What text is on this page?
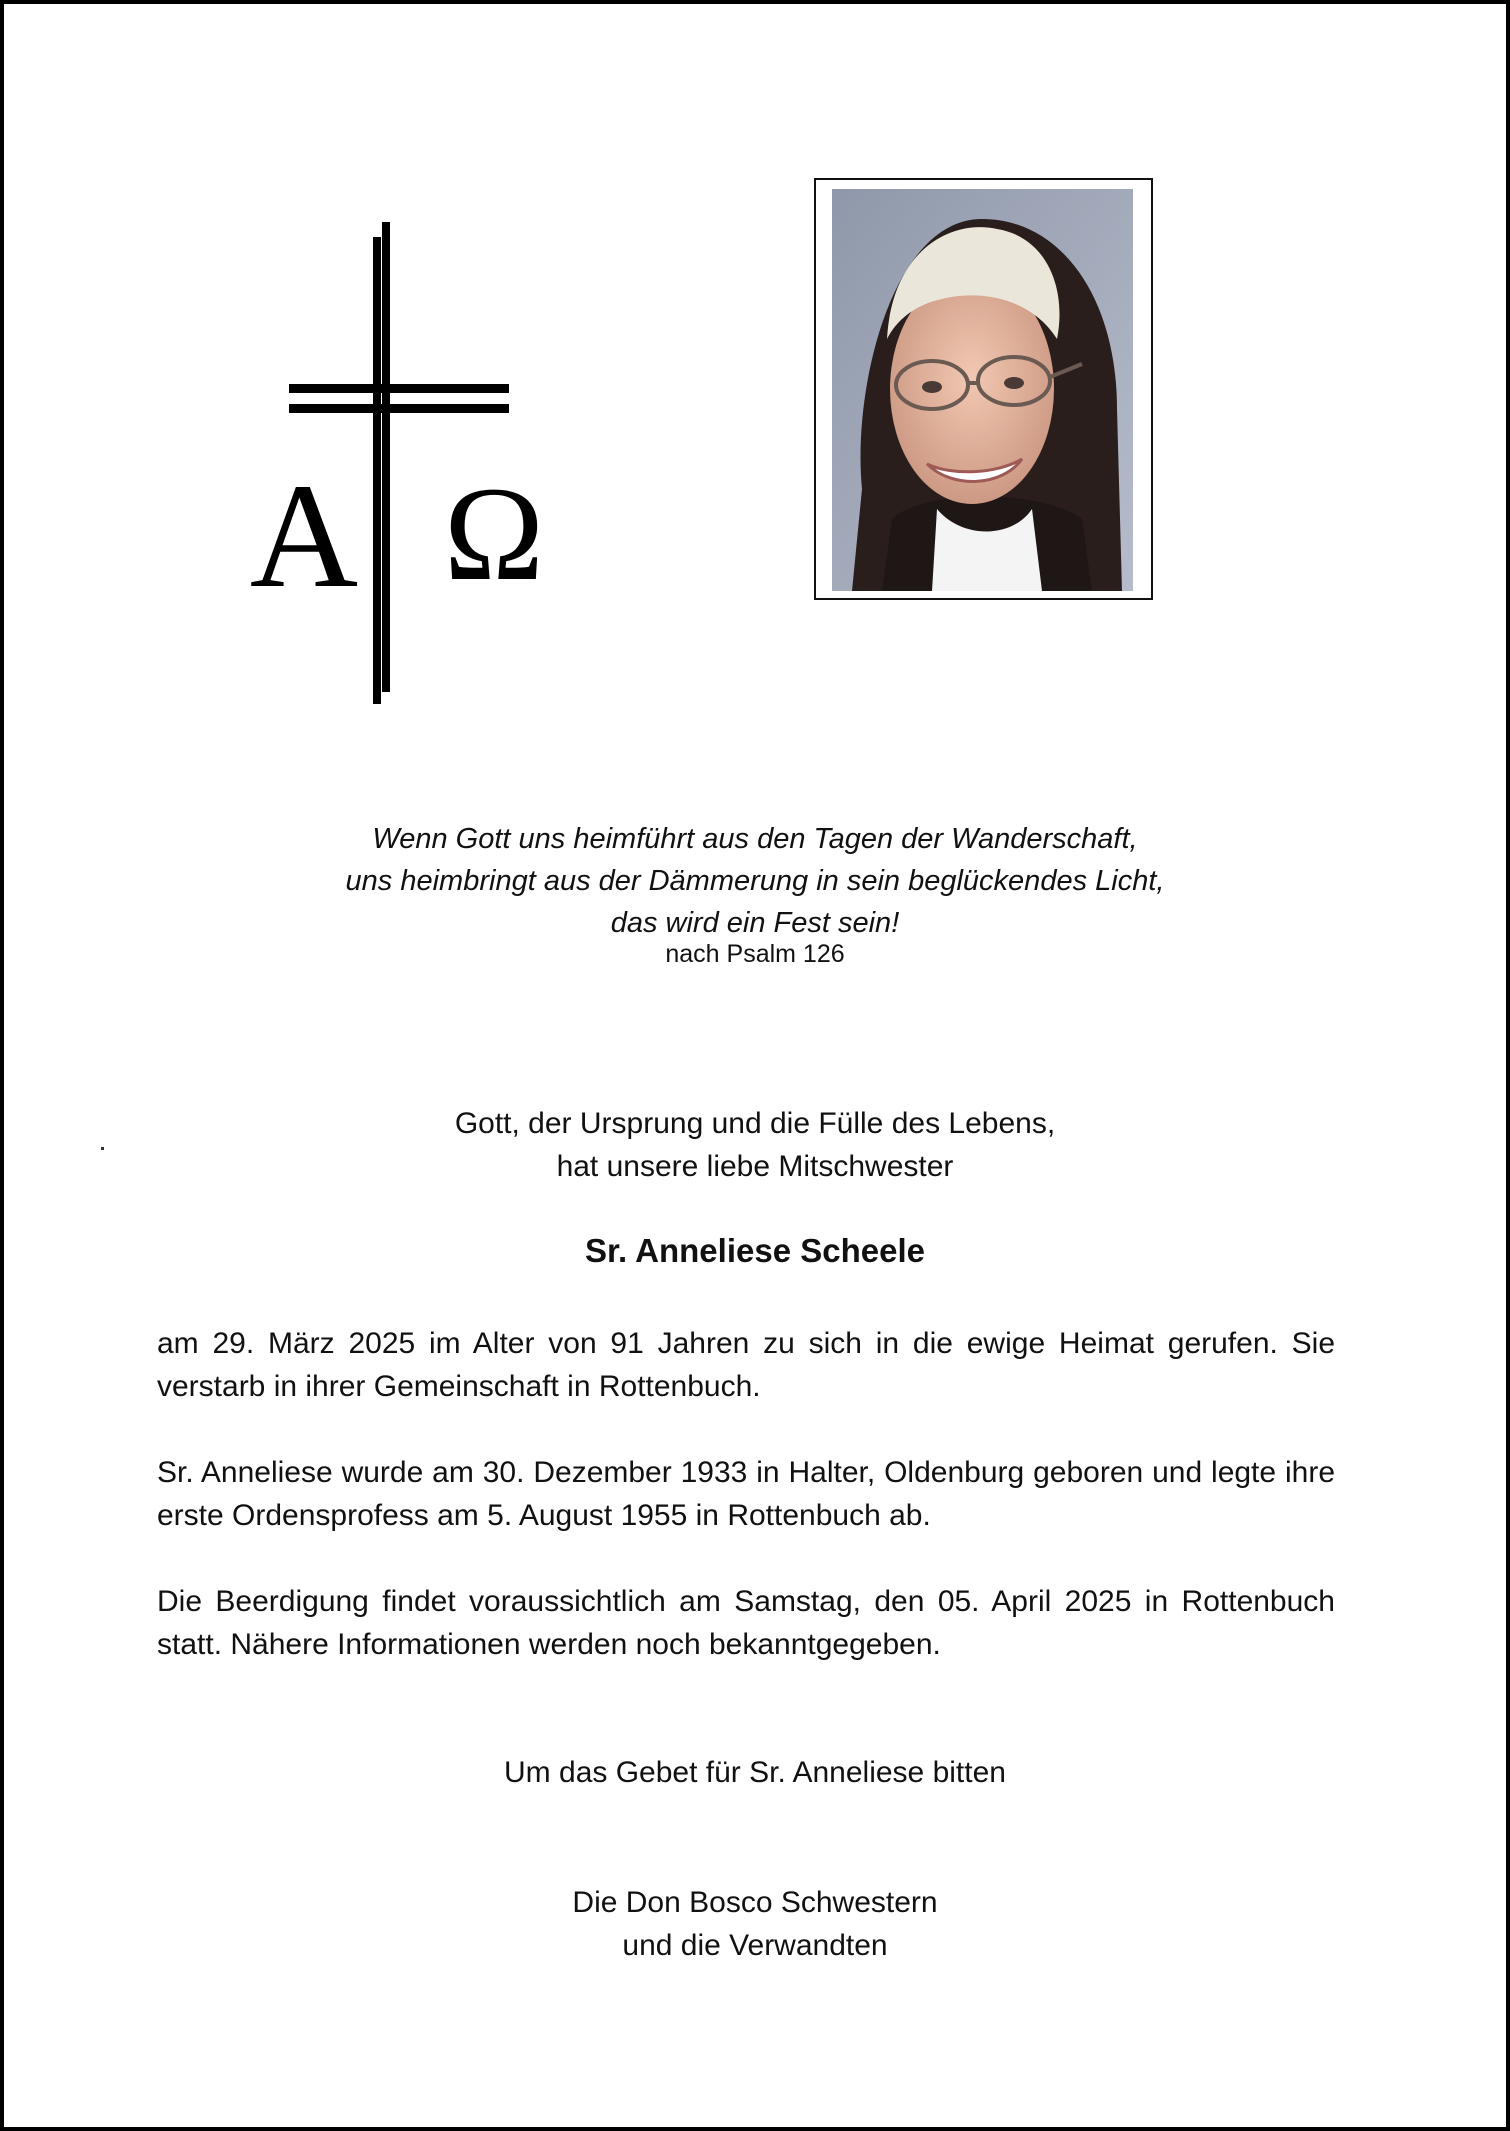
A Ω
Wenn Gott uns heimführt aus den Tagen der Wanderschaft,
uns heimbringt aus der Dämmerung in sein beglückendes Licht,
das wird ein Fest sein!
nach Psalm 126
Gott, der Ursprung und die Fülle des Lebens,
hat unsere liebe Mitschwester
Sr. Anneliese Scheele

am 29. März 2025 im Alter von 91 Jahren zu sich in die ewige Heimat gerufen. Sie verstarb in ihrer Gemeinschaft in Rottenbuch.

Sr. Anneliese wurde am 30. Dezember 1933 in Halter, Oldenburg geboren und legte ihre erste Ordensprofess am 5. August 1955 in Rottenbuch ab.

Die Beerdigung findet voraussichtlich am Samstag, den 05. April 2025 in Rottenbuch statt. Nähere Informationen werden noch bekanntgegeben.

Um das Gebet für Sr. Anneliese bitten
Die Don Bosco Schwestern
und die Verwandten
